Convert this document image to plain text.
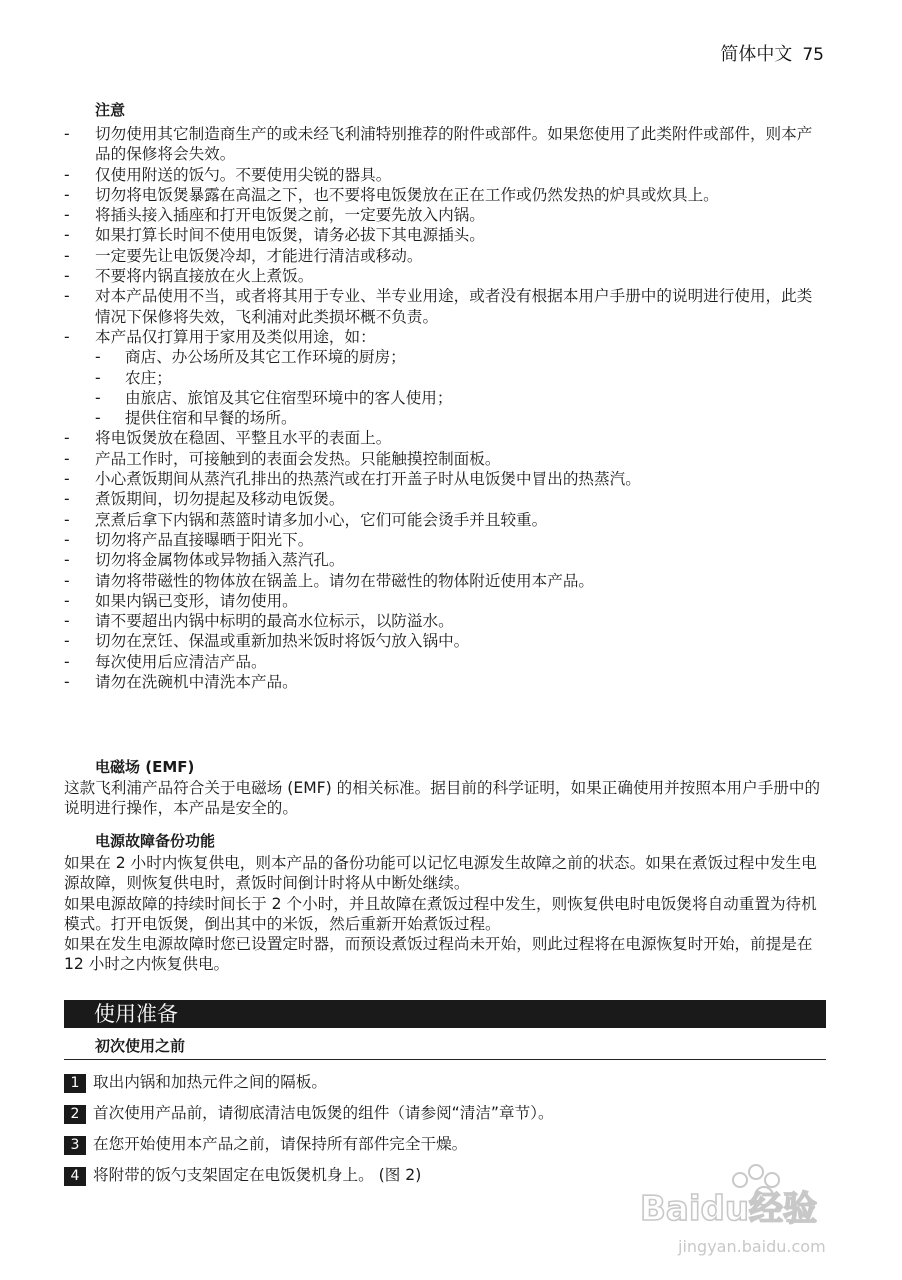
简体中文 75
注意
- 切勿使用其它制造商生产的或未经飞利浦特别推荐的附件或部件。如果您使用了此类附件或部件，则本产品的保修将会失效。
- 仅使用附送的饭勺。不要使用尖锐的器具。
- 切勿将电饭煲暴露在高温之下，也不要将电饭煲放在正在工作或仍然发热的炉具或炊具上。
- 将插头接入插座和打开电饭煲之前，一定要先放入内锅。
- 如果打算长时间不使用电饭煲，请务必拔下其电源插头。
- 一定要先让电饭煲冷却，才能进行清洁或移动。
- 不要将内锅直接放在火上煮饭。
- 对本产品使用不当，或者将其用于专业、半专业用途，或者没有根据本用户手册中的说明进行使用，此类情况下保修将失效，飞利浦对此类损坏概不负责。
- 本产品仅打算用于家用及类似用途，如：
- 商店、办公场所及其它工作环境的厨房；
- 农庄；
- 由旅店、旅馆及其它住宿型环境中的客人使用；
- 提供住宿和早餐的场所。
- 将电饭煲放在稳固、平整且水平的表面上。
- 产品工作时，可接触到的表面会发热。只能触摸控制面板。
- 小心煮饭期间从蒸汽孔排出的热蒸汽或在打开盖子时从电饭煲中冒出的热蒸汽。
- 煮饭期间，切勿提起及移动电饭煲。
- 烹煮后拿下内锅和蒸篮时请多加小心，它们可能会烫手并且较重。
- 切勿将产品直接曝晒于阳光下。
- 切勿将金属物体或异物插入蒸汽孔。
- 请勿将带磁性的物体放在锅盖上。请勿在带磁性的物体附近使用本产品。
- 如果内锅已变形，请勿使用。
- 请不要超出内锅中标明的最高水位标示，以防溢水。
- 切勿在烹饪、保温或重新加热米饭时将饭勺放入锅中。
- 每次使用后应清洁产品。
- 请勿在洗碗机中清洗本产品。
电磁场 (EMF)

这款飞利浦产品符合关于电磁场 (EMF) 的相关标准。据目前的科学证明，如果正确使用并按照本用户手册中的说明进行操作，本产品是安全的。

电源故障备份功能

如果在 2 小时内恢复供电，则本产品的备份功能可以记忆电源发生故障之前的状态。如果在煮饭过程中发生电源故障，则恢复供电时，煮饭时间倒计时将从中断处继续。

如果电源故障的持续时间长于 2 个小时，并且故障在煮饭过程中发生，则恢复供电时电饭煲将自动重置为待机模式。打开电饭煲，倒出其中的米饭，然后重新开始煮饭过程。

如果在发生电源故障时您已设置定时器，而预设煮饭过程尚未开始，则此过程将在电源恢复时开始，前提是在 12 小时之内恢复供电。

使用准备
初次使用之前
1 取出内锅和加热元件之间的隔板。
2 首次使用产品前，请彻底清洁电饭煲的组件（请参阅“清洁”章节）。
3 在您开始使用本产品之前，请保持所有部件完全干燥。
4 将附带的饭勺支架固定在电饭煲机身上。 (图 2)
Baidu经验
jingyan.baidu.com
